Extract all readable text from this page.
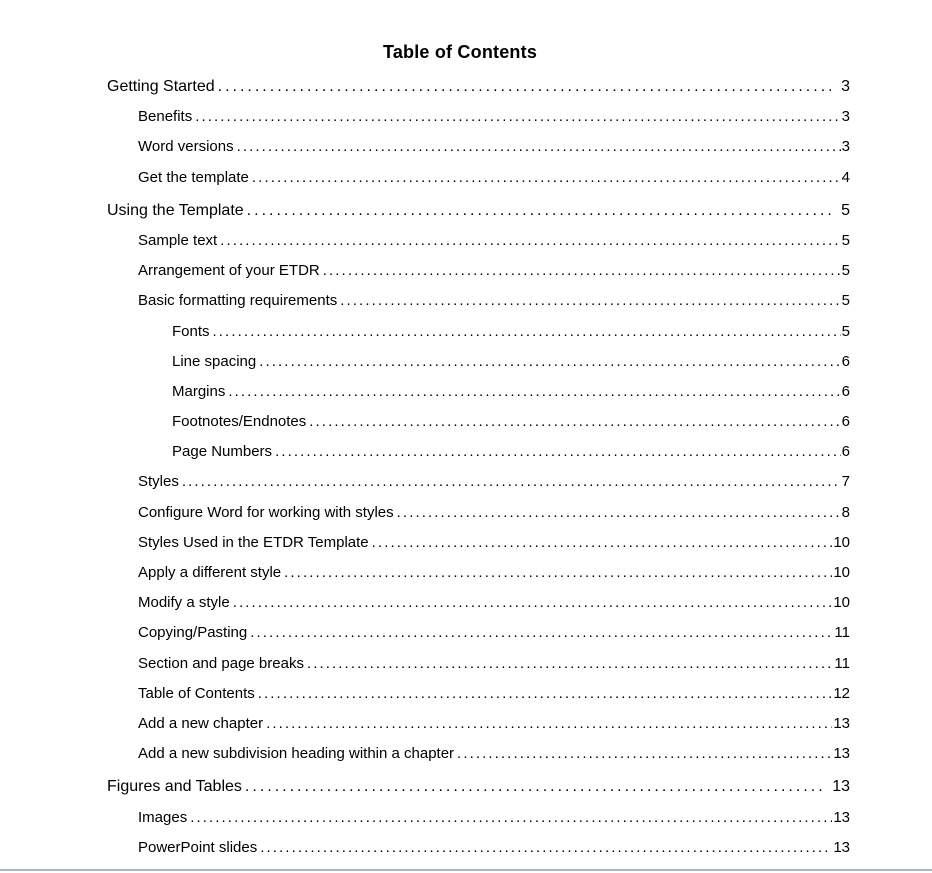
Table of Contents
Getting Started .....	3
Benefits .....	3
Word versions .....	3
Get the template .....	4
Using the Template .....	5
Sample text .....	5
Arrangement of your ETDR .....	5
Basic formatting requirements .....	5
Fonts .....	5
Line spacing .....	6
Margins .....	6
Footnotes/Endnotes .....	6
Page Numbers .....	6
Styles .....	7
Configure Word for working with styles .....	8
Styles Used in the ETDR Template .....	10
Apply a different style .....	10
Modify a style .....	10
Copying/Pasting .....	11
Section and page breaks .....	11
Table of Contents .....	12
Add a new chapter .....	13
Add a new subdivision heading within a chapter .....	13
Figures and Tables .....	13
Images .....	13
PowerPoint slides .....	13
